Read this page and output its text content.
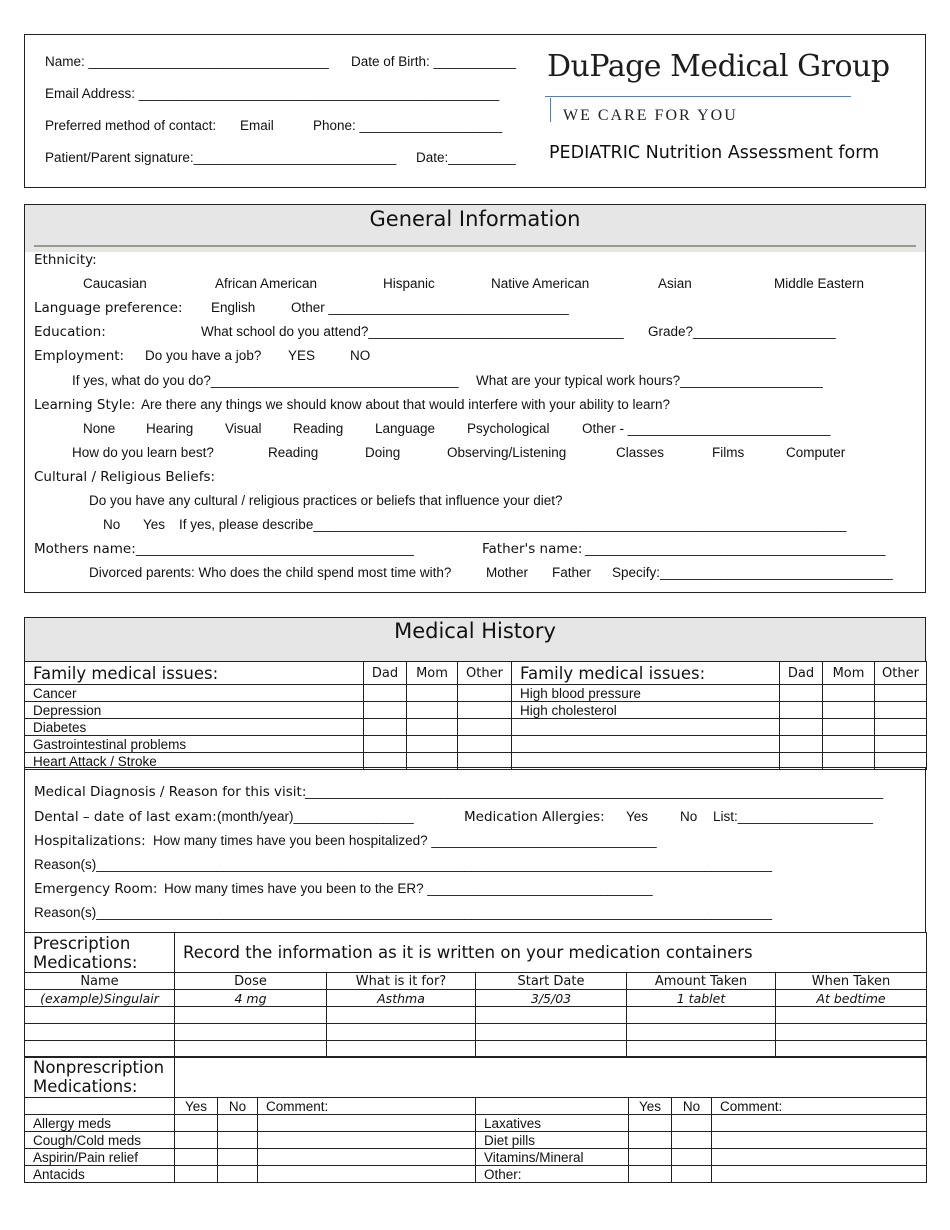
Name: ________________________________ Date of Birth: ___________
Email Address: ________________________________________________
Preferred method of contact: Email	Phone: ___________________
Patient/Parent signature:___________________________ Date:_________
DuPage Medical Group
WE CARE FOR YOU
PEDIATRIC Nutrition Assessment form
General Information
Ethnicity:
Caucasian	African American	Hispanic	Native American	Asian	Middle Eastern
Language preference: English	Other ________________________________
Education:	What school do you attend?__________________________________ Grade?___________________
Employment: Do you have a job? YES	NO
If yes, what do you do?_________________________________ What are your typical work hours?___________________
Learning Style: Are there any things we should know about that would interfere with your ability to learn?
None Hearing Visual Reading Language Psychological Other - ___________________________
How do you learn best?	Reading	Doing	Observing/Listening	Classes	Films	Computer
Cultural / Religious Beliefs:
Do you have any cultural / religious practices or beliefs that influence your diet?
No Yes If yes, please describe_______________________________________________________________________
Mothers name: _____________________________________	Father's name: ________________________________________
Divorced parents: Who does the child spend most time with?	Mother Father Specify:_______________________________
Medical History
Family medical issues:	Dad	Mom	Other	Family medical issues:	Dad	Mom	Other
Cancer				High blood pressure			
Depression				High cholesterol			
Diabetes							
Gastrointestinal problems							
Heart Attack / Stroke							
Medical Diagnosis / Reason for this visit:
_____________________________________________________________________________
Dental – date of last exam: (month/year)________________	Medication Allergies: Yes No List:__________________
Hospitalizations: How many times have you been hospitalized? ______________________________
Reason(s)__________________________________________________________________________________________
Emergency Room: How many times have you been to the ER? ______________________________
Reason(s)__________________________________________________________________________________________
Prescription
Medications:	Record the information as it is written on your medication containers				
Name	Dose	What is it for?	Start Date	Amount Taken	When Taken
(example)Singulair	4 mg	Asthma	3/5/03	1 tablet	At bedtime

Nonprescription
Medications:							
	Yes	No	Comment:		Yes	No	Comment:
Allergy meds				Laxatives			
Cough/Cold meds				Diet pills			
Aspirin/Pain relief				Vitamins/Mineral			
Antacids				Other:			
